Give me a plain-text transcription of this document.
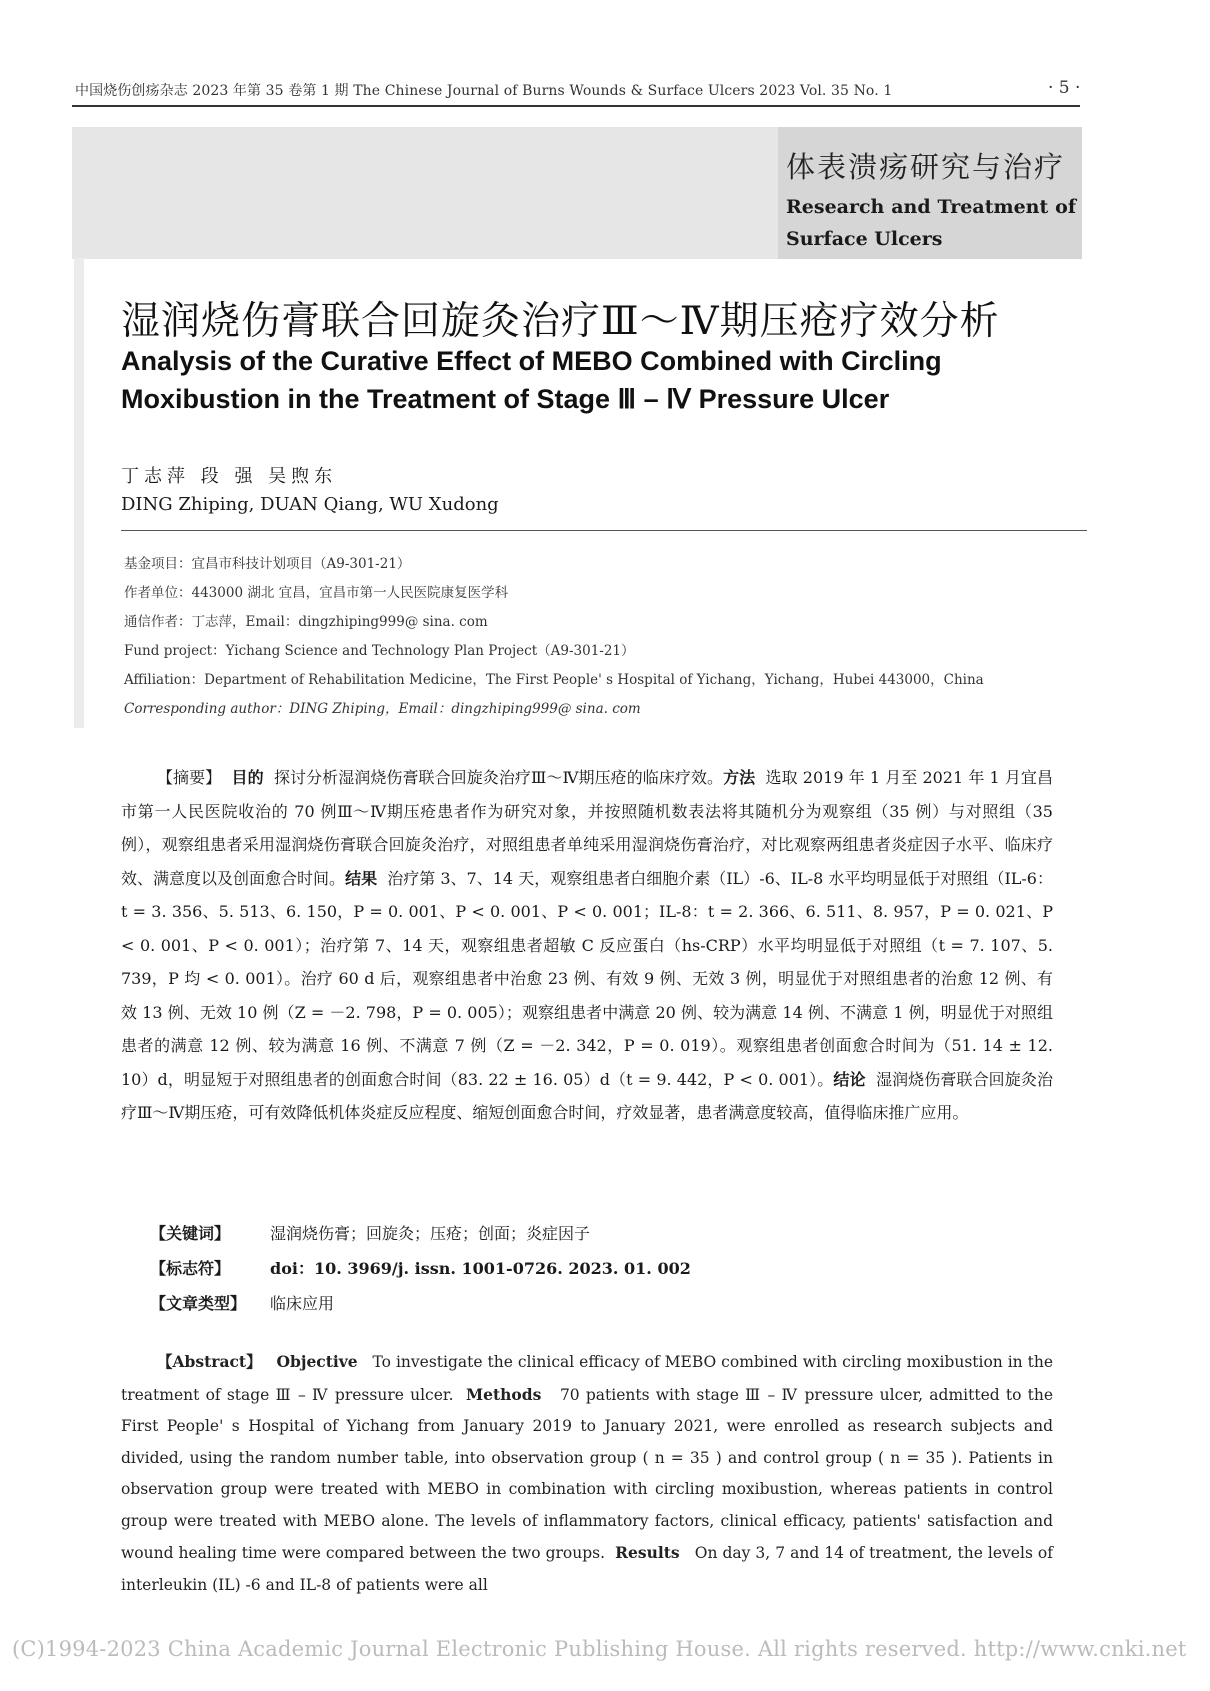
中国烧伤创疡杂志 2023 年第 35 卷第 1 期 The Chinese Journal of Burns Wounds & Surface Ulcers 2023 Vol. 35 No. 1	· 5 ·
体表溃疡研究与治疗
Research and Treatment of Surface Ulcers
湿润烧伤膏联合回旋灸治疗Ⅲ～Ⅳ期压疮疗效分析
Analysis of the Curative Effect of MEBO Combined with Circling Moxibustion in the Treatment of Stage Ⅲ – Ⅳ Pressure Ulcer
丁志萍 段 强 吴煦东
DING Zhiping, DUAN Qiang, WU Xudong
基金项目：宜昌市科技计划项目（A9-301-21）
作者单位：443000 湖北 宜昌，宜昌市第一人民医院康复医学科
通信作者：丁志萍，Email：dingzhiping999@ sina. com
Fund project：Yichang Science and Technology Plan Project（A9-301-21）
Affiliation：Department of Rehabilitation Medicine，The First People' s Hospital of Yichang，Yichang，Hubei 443000，China
Corresponding author：DING Zhiping，Email：dingzhiping999@ sina. com
【摘要】 目的 探讨分析湿润烧伤膏联合回旋灸治疗Ⅲ～Ⅳ期压疮的临床疗效。方法 选取 2019 年 1 月至 2021 年 1 月宜昌市第一人民医院收治的 70 例Ⅲ～Ⅳ期压疮患者作为研究对象，并按照随机数表法将其随机分为观察组（35 例）与对照组（35 例），观察组患者采用湿润烧伤膏联合回旋灸治疗，对照组患者单纯采用湿润烧伤膏治疗，对比观察两组患者炎症因子水平、临床疗效、满意度以及创面愈合时间。结果 治疗第 3、7、14 天，观察组患者白细胞介素（IL）-6、IL-8 水平均明显低于对照组（IL-6：t = 3. 356、5. 513、6. 150，P = 0. 001、P < 0. 001、P < 0. 001；IL-8：t = 2. 366、6. 511、8. 957，P = 0. 021、P < 0. 001、P < 0. 001）；治疗第 7、14 天，观察组患者超敏 C 反应蛋白（hs-CRP）水平均明显低于对照组（t = 7. 107、5. 739，P 均 < 0. 001）。治疗 60 d 后，观察组患者中治愈 23 例、有效 9 例、无效 3 例，明显优于对照组患者的治愈 12 例、有效 13 例、无效 10 例（Z = －2. 798，P = 0. 005）；观察组患者中满意 20 例、较为满意 14 例、不满意 1 例，明显优于对照组患者的满意 12 例、较为满意 16 例、不满意 7 例（Z = －2. 342，P = 0. 019）。观察组患者创面愈合时间为（51. 14 ± 12. 10）d，明显短于对照组患者的创面愈合时间（83. 22 ± 16. 05）d（t = 9. 442，P < 0. 001）。结论 湿润烧伤膏联合回旋灸治疗Ⅲ～Ⅳ期压疮，可有效降低机体炎症反应程度、缩短创面愈合时间，疗效显著，患者满意度较高，值得临床推广应用。
【关键词】 湿润烧伤膏；回旋灸；压疮；创面；炎症因子
【标志符】 doi：10. 3969/j. issn. 1001-0726. 2023. 01. 002
【文章类型】 临床应用
【Abstract】 Objective To investigate the clinical efficacy of MEBO combined with circling moxibustion in the treatment of stage Ⅲ – Ⅳ pressure ulcer. Methods 70 patients with stage Ⅲ – Ⅳ pressure ulcer, admitted to the First People' s Hospital of Yichang from January 2019 to January 2021, were enrolled as research subjects and divided, using the random number table, into observation group ( n = 35 ) and control group ( n = 35 ). Patients in observation group were treated with MEBO in combination with circling moxibustion, whereas patients in control group were treated with MEBO alone. The levels of inflammatory factors, clinical efficacy, patients' satisfaction and wound healing time were compared between the two groups. Results On day 3, 7 and 14 of treatment, the levels of interleukin (IL) -6 and IL-8 of patients were all
(C)1994-2023 China Academic Journal Electronic Publishing House. All rights reserved. http://www.cnki.net
